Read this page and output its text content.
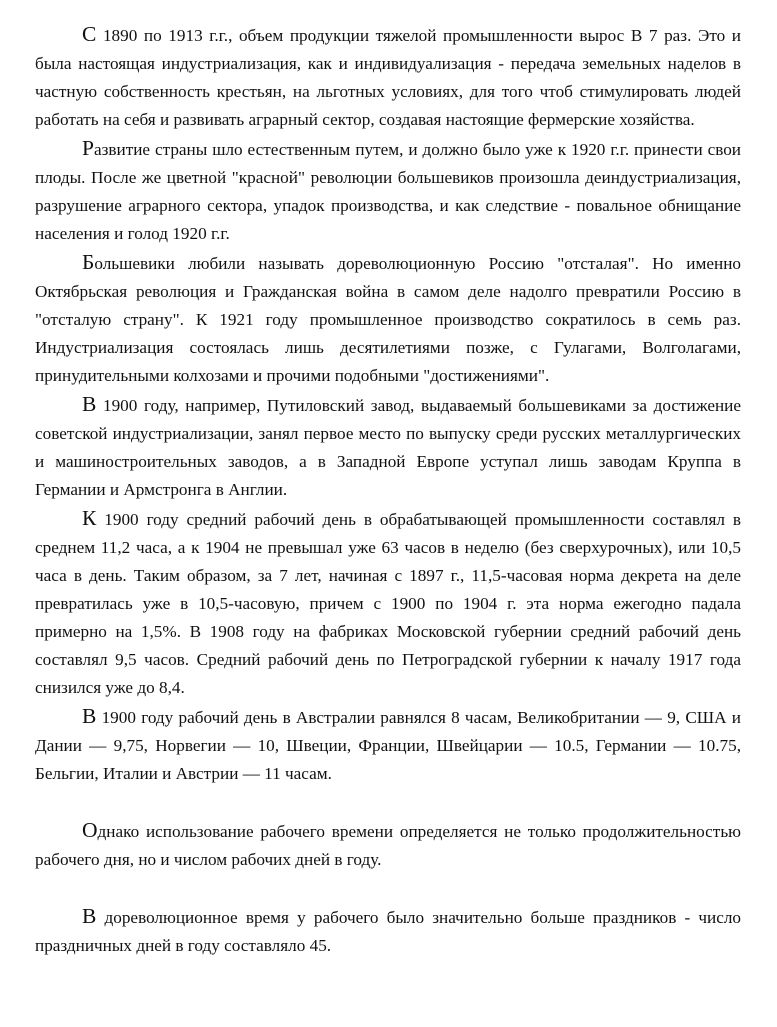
С 1890 по 1913 г.г., объем продукции тяжелой промышленности вырос В 7 раз. Это и была настоящая индустриализация, как и индивидуализация - передача земельных наделов в частную собственность крестьян, на льготных условиях, для того чтоб стимулировать людей работать на себя и развивать аграрный сектор, создавая настоящие фермерские хозяйства.

Развитие страны шло естественным путем, и должно было уже к 1920 г.г. принести свои плоды. После же цветной "красной" революции большевиков произошла деиндустриализация, разрушение аграрного сектора, упадок производства, и как следствие - повальное обнищание населения и голод 1920 г.г.

Большевики любили называть дореволюционную Россию "отсталая". Но именно Октябрьская революция и Гражданская война в самом деле надолго превратили Россию в "отсталую страну". К 1921 году промышленное производство сократилось в семь раз. Индустриализация состоялась лишь десятилетиями позже, с Гулагами, Волголагами, принудительными колхозами и прочими подобными "достижениями".

В 1900 году, например, Путиловский завод, выдаваемый большевиками за достижение советской индустриализации, занял первое место по выпуску среди русских металлургических и машиностроительных заводов, а в Западной Европе уступал лишь заводам Круппа в Германии и Армстронга в Англии.

К 1900 году средний рабочий день в обрабатывающей промышленности составлял в среднем 11,2 часа, а к 1904 не превышал уже 63 часов в неделю (без сверхурочных), или 10,5 часа в день. Таким образом, за 7 лет, начиная с 1897 г., 11,5-часовая норма декрета на деле превратилась уже в 10,5-часовую, причем с 1900 по 1904 г. эта норма ежегодно падала примерно на 1,5%. В 1908 году на фабриках Московской губернии средний рабочий день составлял 9,5 часов. Средний рабочий день по Петроградской губернии к началу 1917 года снизился уже до 8,4.

В 1900 году рабочий день в Австралии равнялся 8 часам, Великобритании — 9, США и Дании — 9,75, Норвегии — 10, Швеции, Франции, Швейцарии — 10.5, Германии — 10.75, Бельгии, Италии и Австрии — 11 часам.

Однако использование рабочего времени определяется не только продолжительностью рабочего дня, но и числом рабочих дней в году.

В дореволюционное время у рабочего было значительно больше праздников - число праздничных дней в году составляло 45.
